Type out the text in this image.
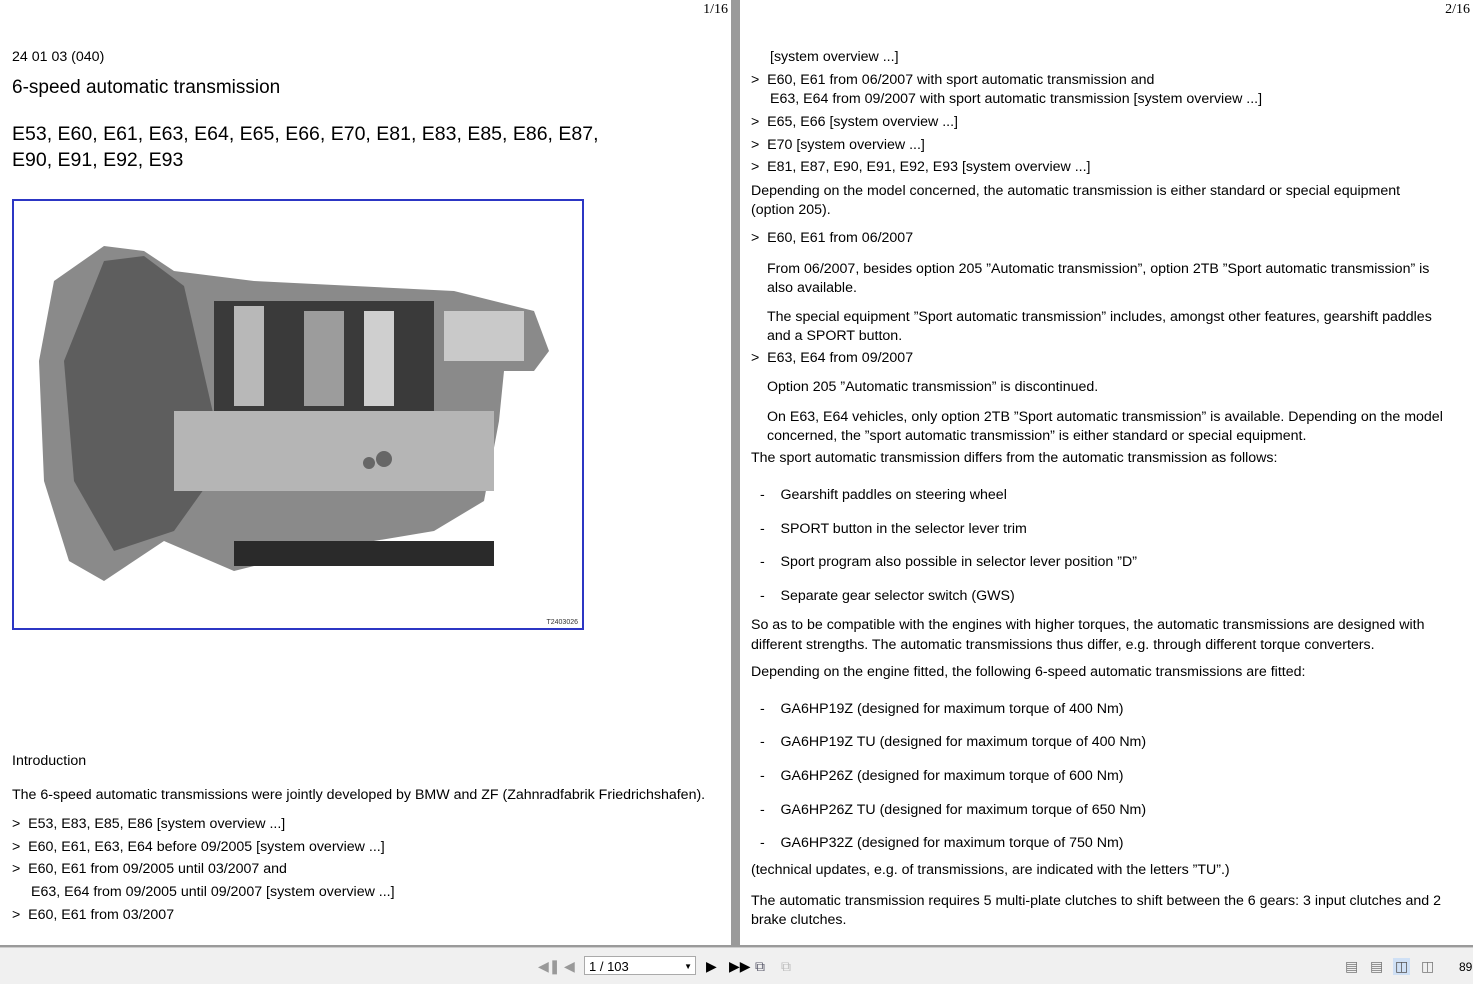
1/16
24 01 03 (040)
6-speed automatic transmission
E53, E60, E61, E63, E64, E65, E66, E70, E81, E83, E85, E86, E87,
E90, E91, E92, E93
T2403026
Introduction
The 6-speed automatic transmissions were jointly developed by BMW and ZF (Zahnradfabrik Friedrichshafen).
>  E53, E83, E85, E86 [system overview ...]
>  E60, E61, E63, E64 before 09/2005 [system overview ...]
>  E60, E61 from 09/2005 until 03/2007 and
E63, E64 from 09/2005 until 09/2007 [system overview ...]
>  E60, E61 from 03/2007
2/16
[system overview ...]
>  E60, E61 from 06/2007 with sport automatic transmission and
E63, E64 from 09/2007 with sport automatic transmission [system overview ...]
>  E65, E66 [system overview ...]
>  E70 [system overview ...]
>  E81, E87, E90, E91, E92, E93 [system overview ...]
Depending on the model concerned, the automatic transmission is either standard or special equipment (option 205).
>  E60, E61 from 06/2007
From 06/2007, besides option 205 ”Automatic transmission”, option 2TB ”Sport automatic transmission” is also available.
The special equipment ”Sport automatic transmission” includes, amongst other features, gearshift paddles and a SPORT button.
>  E63, E64 from 09/2007
Option 205 ”Automatic transmission” is discontinued.
On E63, E64 vehicles, only option 2TB ”Sport automatic transmission” is available. Depending on the model concerned, the ”sport automatic transmission” is either standard or special equipment.
The sport automatic transmission differs from the automatic transmission as follows:
-    Gearshift paddles on steering wheel
-    SPORT button in the selector lever trim
-    Sport program also possible in selector lever position ”D”
-    Separate gear selector switch (GWS)
So as to be compatible with the engines with higher torques, the automatic transmissions are designed with different strengths. The automatic transmissions thus differ, e.g. through different torque converters.
Depending on the engine fitted, the following 6-speed automatic transmissions are fitted:
-    GA6HP19Z (designed for maximum torque of 400 Nm)
-    GA6HP19Z TU (designed for maximum torque of 400 Nm)
-    GA6HP26Z (designed for maximum torque of 600 Nm)
-    GA6HP26Z TU (designed for maximum torque of 650 Nm)
-    GA6HP32Z (designed for maximum torque of 750 Nm)
(technical updates, e.g. of transmissions, are indicated with the letters ”TU”.)
The automatic transmission requires 5 multi-plate clutches to shift between the 6 gears: 3 input clutches and 2 brake clutches.
◀❚ ◀	1 / 103	▼ ▶ ▶▶ ⧉ ⧉	▤ ▤ ◫ ◫ 89
